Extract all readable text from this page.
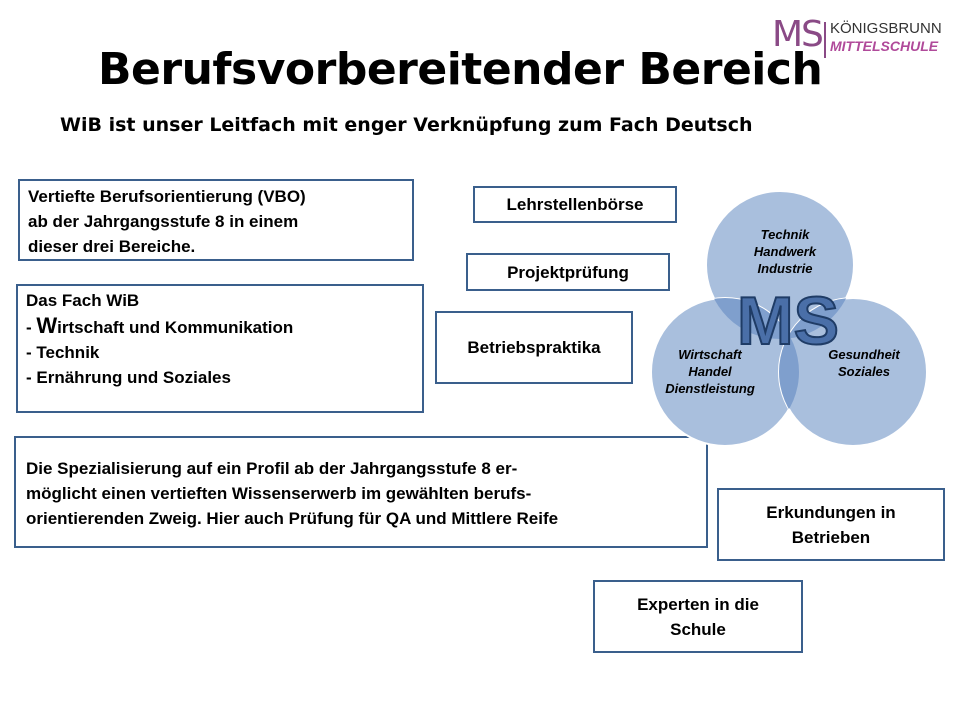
MS KÖNIGSBRUNN
MITTELSCHULE
Berufsvorbereitender Bereich
WiB ist unser Leitfach mit enger Verknüpfung zum Fach Deutsch
Vertiefte Berufsorientierung (VBO)
ab der Jahrgangsstufe 8 in einem
dieser drei Bereiche.
Das Fach WiB
- Wirtschaft und Kommunikation
- Technik
- Ernährung und Soziales
Die Spezialisierung auf ein Profil ab der Jahrgangsstufe 8 er-
möglicht einen vertieften Wissenserwerb im gewählten berufs-
orientierenden Zweig. Hier auch Prüfung für QA und Mittlere Reife
Lehrstellenbörse
Projektprüfung
Betriebspraktika
Erkundungen in
Betrieben
Experten in die
Schule
MS
Technik
Handwerk
Industrie
Wirtschaft
Handel
Dienstleistung
Gesundheit
Soziales
